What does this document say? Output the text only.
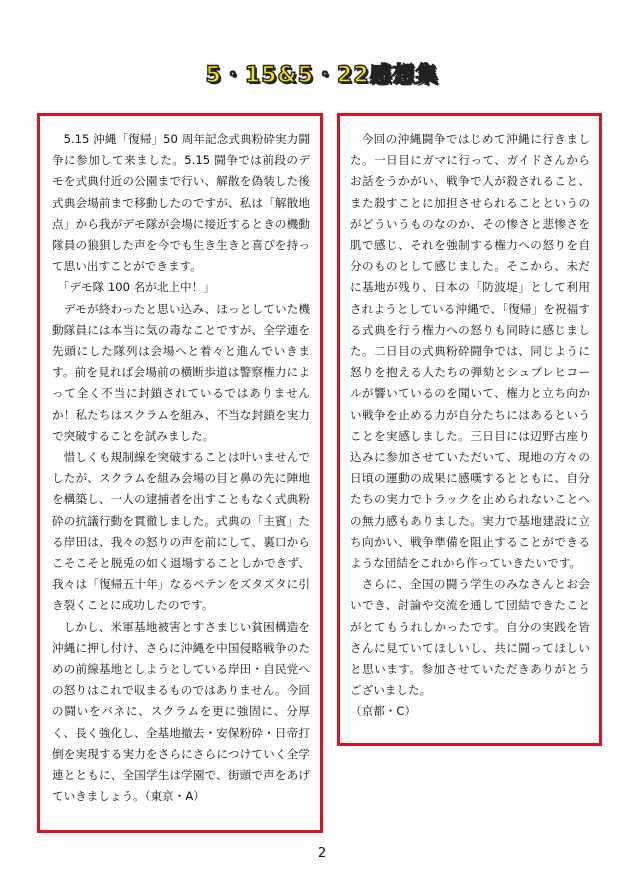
5・15&5・22感想集

5.15 沖縄「復帰」50 周年記念式典粉砕実力闘争に参加して来ました。5.15 闘争では前段のデモを式典付近の公園まで行い、解散を偽装した後式典会場前まで移動したのですが、私は「解散地点」から我がデモ隊が会場に接近するときの機動隊員の狼狽した声を今でも生き生きと喜びを持って思い出すことができます。

「デモ隊 100 名が北上中！」

デモが終わったと思い込み、ほっとしていた機動隊員には本当に気の毒なことですが、全学連を先頭にした隊列は会場へと着々と進んでいきます。前を見れば会場前の横断歩道は警察権力によって全く不当に封鎖されているではありませんか！私たちはスクラムを組み、不当な封鎖を実力で突破することを試みました。

惜しくも規制線を突破することは叶いませんでしたが、スクラムを組み会場の目と鼻の先に陣地を構築し、一人の逮捕者を出すこともなく式典粉砕の抗議行動を貫徹しました。式典の「主賓」たる岸田は、我々の怒りの声を前にして、裏口からこそこそと脱兎の如く退場することしかできず、我々は「復帰五十年」なるペテンをズタズタに引き裂くことに成功したのです。

しかし、米軍基地被害とすさまじい貧困構造を沖縄に押し付け、さらに沖縄を中国侵略戦争のための前線基地としようとしている岸田・自民党への怒りはこれで収まるものではありません。今回の闘いをバネに、スクラムを更に強固に、分厚く、長く強化し、全基地撤去・安保粉砕・日帝打倒を実現する実力をさらにさらにつけていく全学連とともに、全国学生は学園で、街頭で声をあげていきましょう。（東京・A）

今回の沖縄闘争ではじめて沖縄に行きました。一日目にガマに行って、ガイドさんからお話をうかがい、戦争で人が殺されること、また殺すことに加担させられることというのがどういうものなのか、その惨さと悲惨さを肌で感じ、それを強制する権力への怒りを自分のものとして感じました。そこから、未だに基地が残り、日本の「防波堤」として利用されようとしている沖縄で、「復帰」を祝福する式典を行う権力への怒りも同時に感じました。二日目の式典粉砕闘争では、同じように怒りを抱える人たちの弾劾とシュプレヒコールが響いているのを聞いて、権力と立ち向かい戦争を止める力が自分たちにはあるということを実感しました。三日目には辺野古座り込みに参加させていただいて、現地の方々の日頃の運動の成果に感嘆するとともに、自分たちの実力でトラックを止められないことへの無力感もありました。実力で基地建設に立ち向かい、戦争準備を阻止することができるような団結をこれから作っていきたいです。

さらに、全国の闘う学生のみなさんとお会いでき、討論や交流を通して団結できたことがとてもうれしかったです。自分の実践を皆さんに見ていてほしいし、共に闘ってほしいと思います。参加させていただきありがとうございました。

（京都・C）

2
